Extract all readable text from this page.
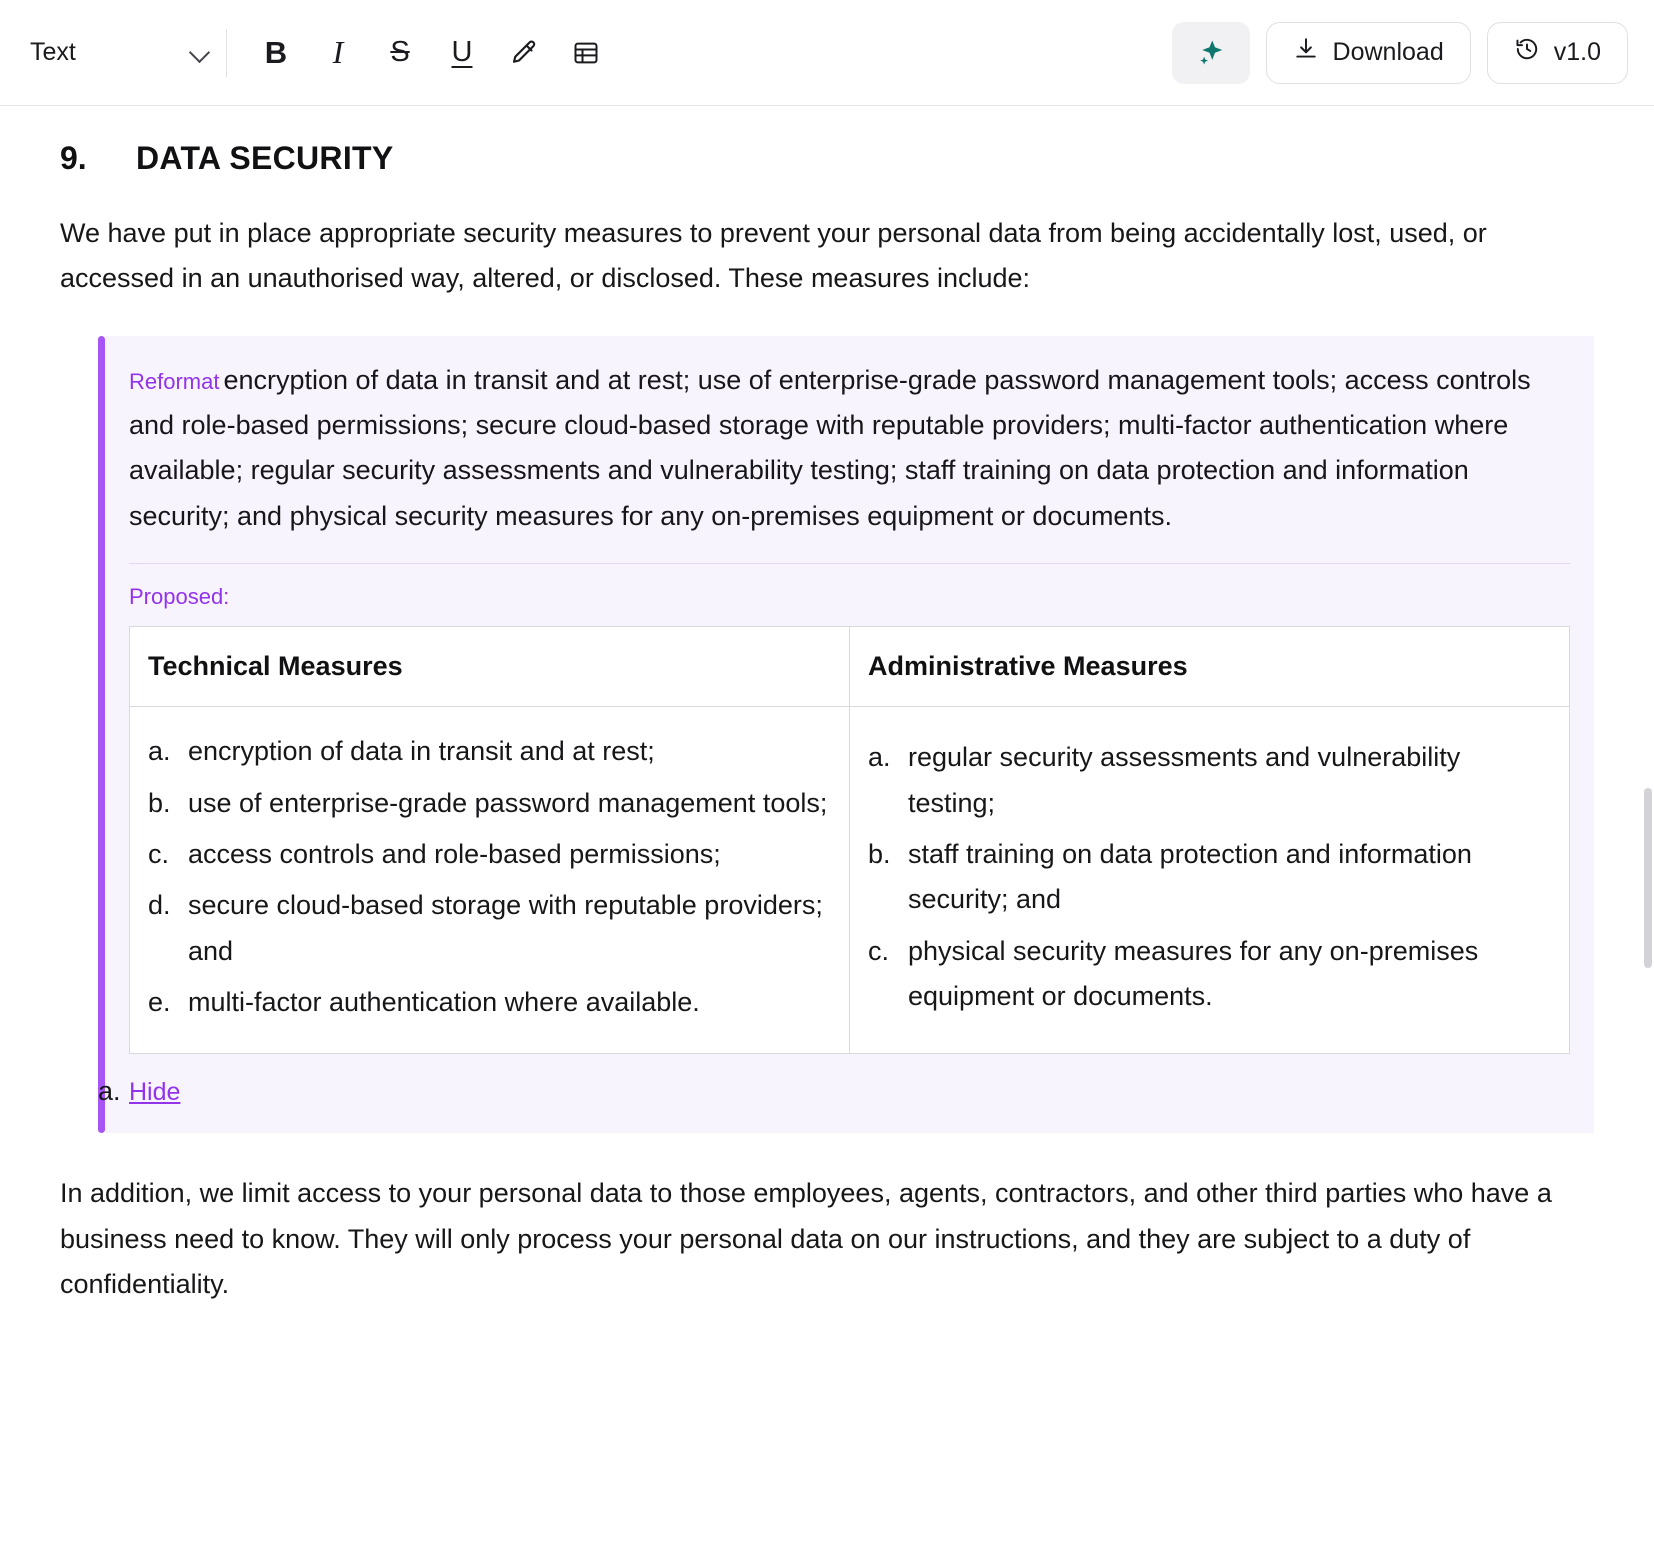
Text	B	I	S	U	Download	v1.0
9.	DATA SECURITY
We have put in place appropriate security measures to prevent your personal data from being accidentally lost, used, or accessed in an unauthorised way, altered, or disclosed. These measures include:
a.
Reformat encryption of data in transit and at rest; use of enterprise-grade password management tools; access controls and role-based permissions; secure cloud-based storage with reputable providers; multi-factor authentication where available; regular security assessments and vulnerability testing; staff training on data protection and information security; and physical security measures for any on-premises equipment or documents.
Proposed:
Technical Measures	Administrative Measures

a. encryption of data in transit and at rest;
b. use of enterprise-grade password management tools;
c. access controls and role-based permissions;
d. secure cloud-based storage with reputable providers; and
e. multi-factor authentication where available.

a. regular security assessments and vulnerability testing;
b. staff training on data protection and information security; and
c. physical security measures for any on-premises equipment or documents.
Hide
In addition, we limit access to your personal data to those employees, agents, contractors, and other third parties who have a business need to know. They will only process your personal data on our instructions, and they are subject to a duty of confidentiality.
